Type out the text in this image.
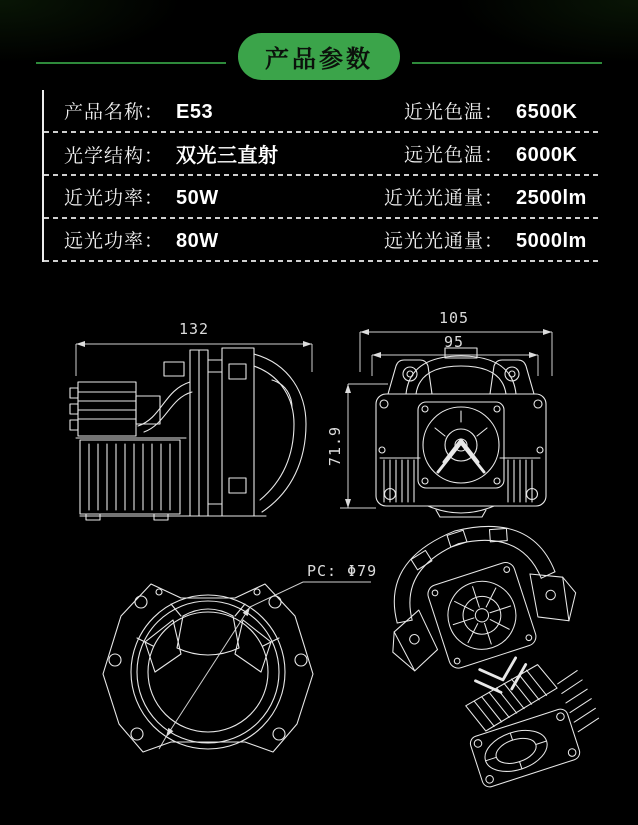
产品参数
产品名称： E53	近光色温： 6500K
光学结构： 双光三直射	远光色温： 6000K
近光功率： 50W	近光光通量： 2500lm
远光功率： 80W	远光光通量： 5000lm
132
105
95
71.9
PC: Φ79
